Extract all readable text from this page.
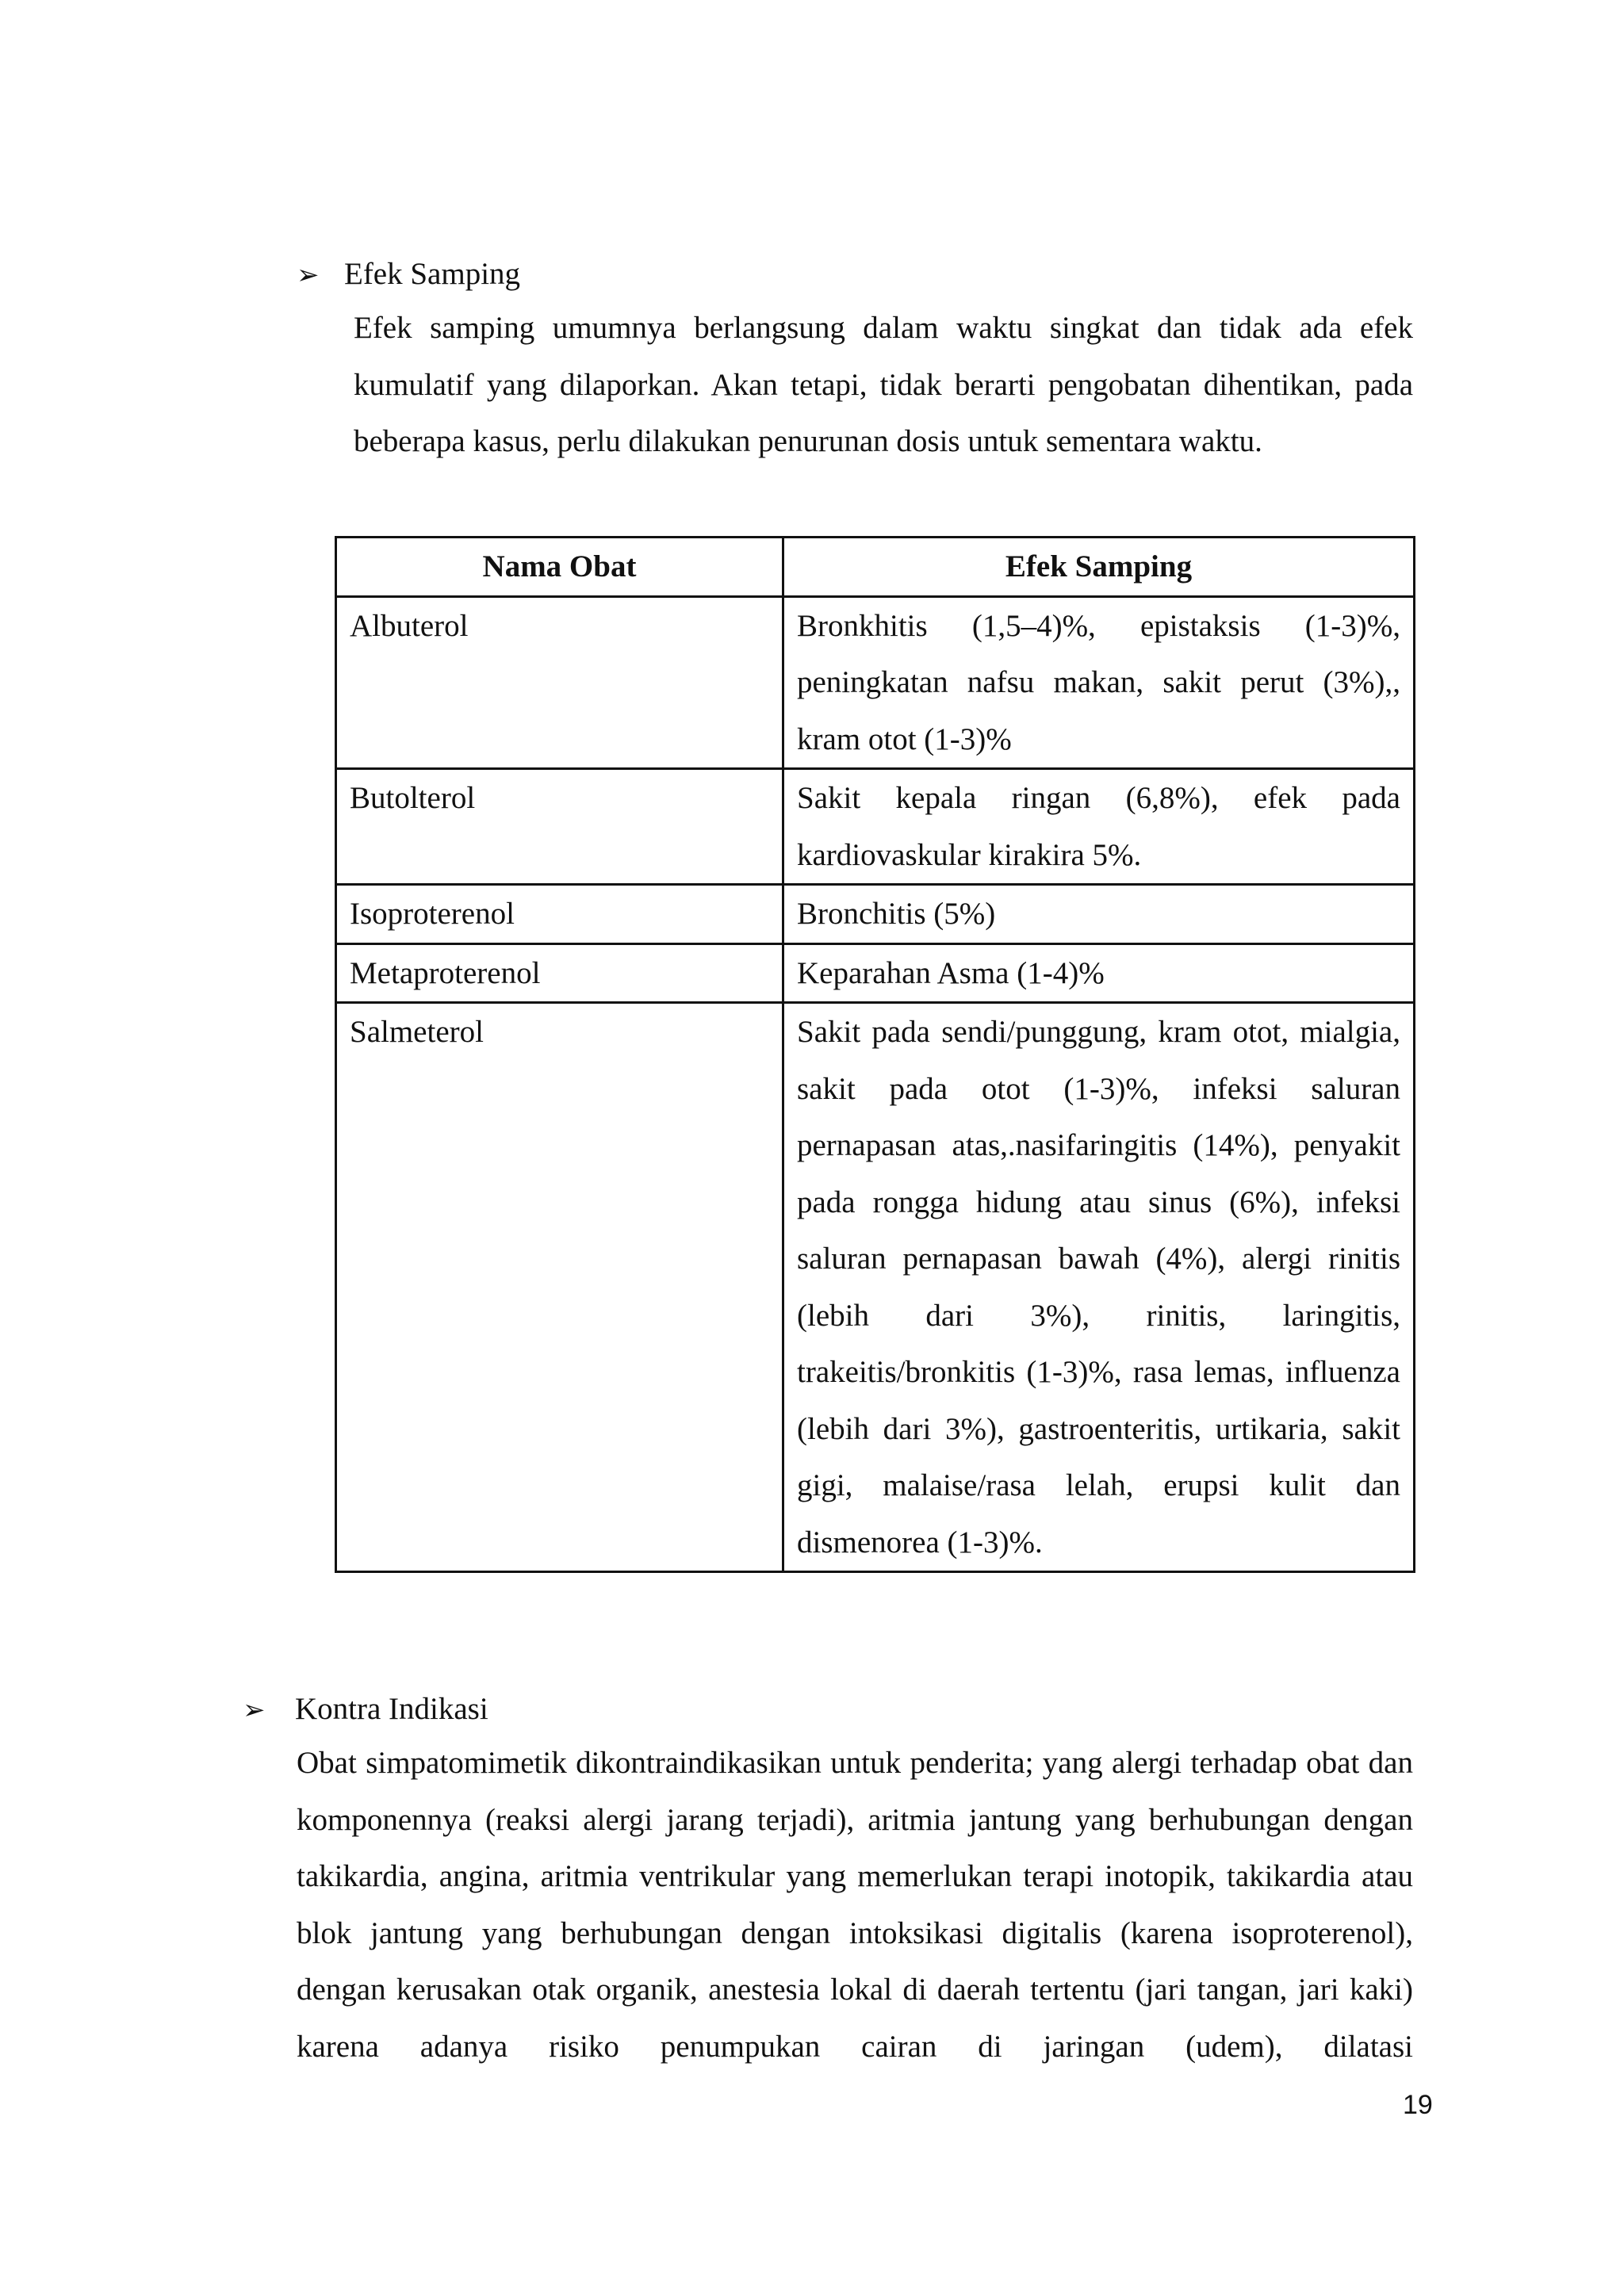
➢ Efek Samping

Efek samping umumnya berlangsung dalam waktu singkat dan tidak ada efek kumulatif yang dilaporkan. Akan tetapi, tidak berarti pengobatan dihentikan, pada beberapa kasus, perlu dilakukan penurunan dosis untuk sementara waktu.

Nama Obat	Efek Samping
Albuterol	Bronkhitis (1,5–4)%, epistaksis (1-3)%, peningkatan nafsu makan, sakit perut (3%),, kram otot (1-3)%
Butolterol	Sakit kepala ringan (6,8%), efek pada kardiovaskular kirakira 5%.
Isoproterenol	Bronchitis (5%)
Metaproterenol	Keparahan Asma (1-4)%
Salmeterol	Sakit pada sendi/punggung, kram otot, mialgia, sakit pada otot (1-3)%, infeksi saluran pernapasan atas,.nasifaringitis (14%), penyakit pada rongga hidung atau sinus (6%), infeksi saluran pernapasan bawah (4%), alergi rinitis (lebih dari 3%), rinitis, laringitis, trakeitis/bronkitis (1-3)%, rasa lemas, influenza (lebih dari 3%), gastroenteritis, urtikaria, sakit gigi, malaise/rasa lelah, erupsi kulit dan dismenorea (1-3)%.
➢ Kontra Indikasi

Obat simpatomimetik dikontraindikasikan untuk penderita; yang alergi terhadap obat dan komponennya (reaksi alergi jarang terjadi), aritmia jantung yang berhubungan dengan takikardia, angina, aritmia ventrikular yang memerlukan terapi inotopik, takikardia atau blok jantung yang berhubungan dengan intoksikasi digitalis (karena isoproterenol), dengan kerusakan otak organik, anestesia lokal di daerah tertentu (jari tangan, jari kaki) karena adanya risiko penumpukan cairan di jaringan (udem), dilatasi

19
